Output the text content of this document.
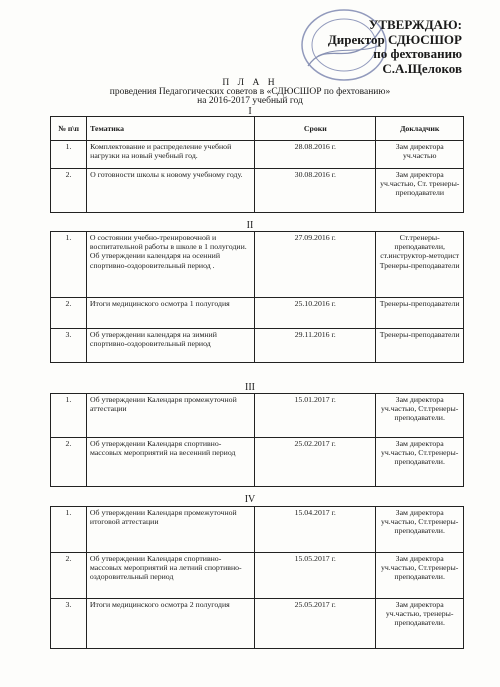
УТВЕРЖДАЮ:
Директор СДЮСШОР
по фехтованию
С.А.Щелоков
П Л А Н
проведения Педагогических советов в «СДЮСШОР по фехтованию»
на 2016-2017 учебный год
I
№ п\п	Тематика	Сроки	Докладчик
1.	Комплектование и распределение учебной нагрузки на новый учебный год.	28.08.2016 г.	Зам директора уч.частью
2.	О готовности школы к новому учебному году.	30.08.2016 г.	Зам директора уч.частью, Ст. тренеры-преподаватели
II
1.	О состоянии учебно-тренировочной и воспитательной работы в школе в 1 полугодии. Об утверждении календаря на осенний спортивно-оздоровительный период .	27.09.2016 г.	Ст.тренеры-преподаватели, ст.инструктор-методист Тренеры-преподаватели
2.	Итоги медицинского осмотра 1 полугодия	25.10.2016 г.	Тренеры-преподаватели
3.	Об утверждении календаря на зимний спортивно-оздоровительный период	29.11.2016 г.	Тренеры-преподаватели
III
1.	Об утверждении Календаря промежуточной аттестации	15.01.2017 г.	Зам директора уч.частью, Ст.тренеры-преподаватели.
2.	Об утверждении Календаря спортивно-массовых мероприятий на весенний период	25.02.2017 г.	Зам директора уч.частью, Ст.тренеры-преподаватели.
IV
1.	Об утверждении Календаря промежуточной итоговой аттестации	15.04.2017 г.	Зам директора уч.частью, Ст.тренеры-преподаватели.
2.	Об утверждении Календаря спортивно-массовых мероприятий на летний спортивно-оздоровительный период	15.05.2017 г.	Зам директора уч.частью, Ст.тренеры-преподаватели.
3.	Итоги медицинского осмотра 2 полугодия	25.05.2017 г.	Зам директора уч.частью, тренеры-преподаватели.
